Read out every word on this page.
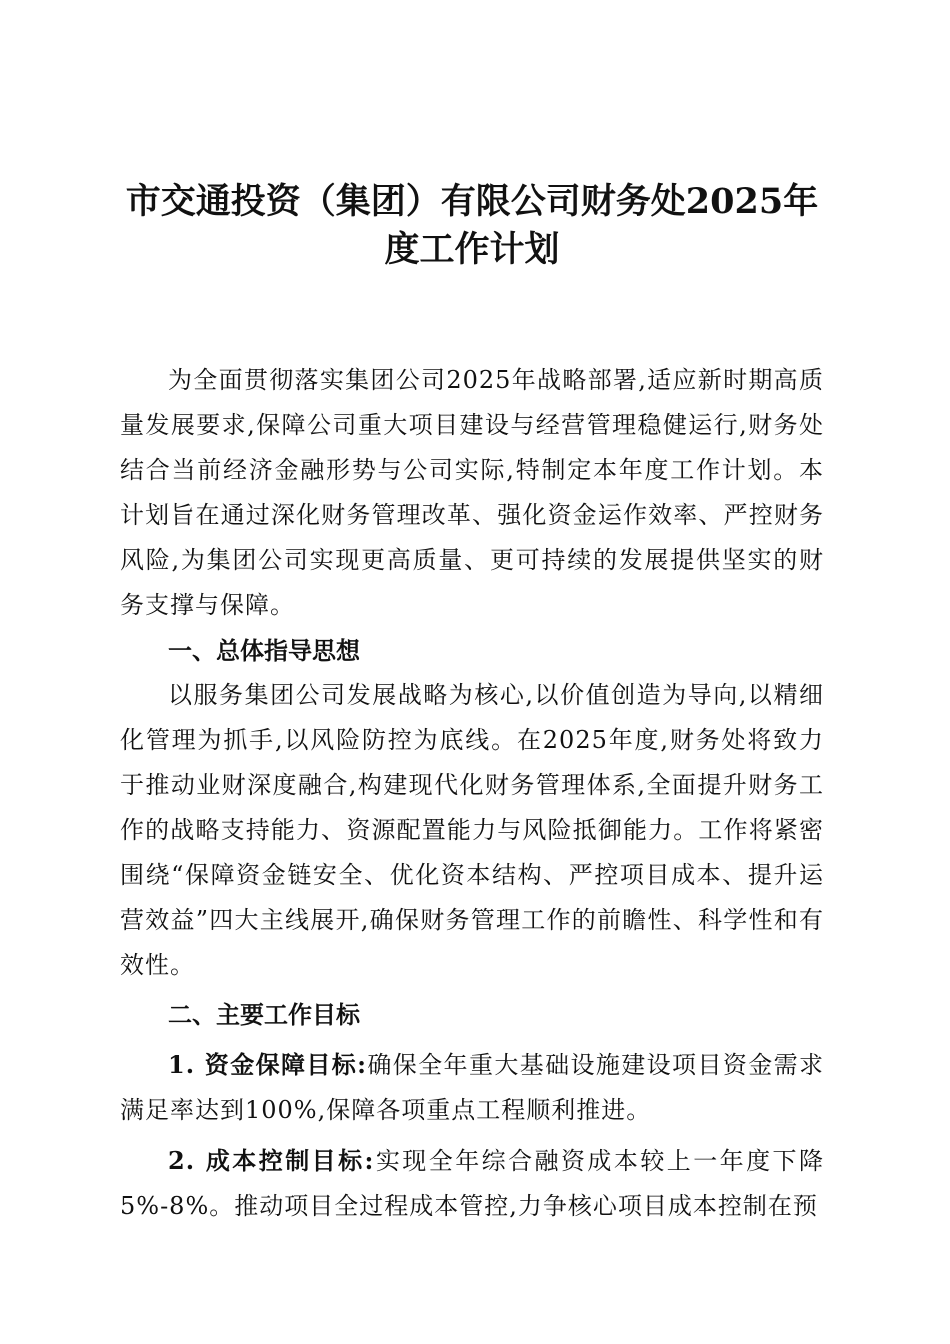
市交通投资（集团）有限公司财务处2025年
度工作计划

为全面贯彻落实集团公司2025年战略部署,适应新时期高质量发展要求,保障公司重大项目建设与经营管理稳健运行,财务处结合当前经济金融形势与公司实际,特制定本年度工作计划。本计划旨在通过深化财务管理改革、强化资金运作效率、严控财务风险,为集团公司实现更高质量、更可持续的发展提供坚实的财务支撑与保障。

一、总体指导思想

以服务集团公司发展战略为核心,以价值创造为导向,以精细化管理为抓手,以风险防控为底线。在2025年度,财务处将致力于推动业财深度融合,构建现代化财务管理体系,全面提升财务工作的战略支持能力、资源配置能力与风险抵御能力。工作将紧密围绕“保障资金链安全、优化资本结构、严控项目成本、提升运营效益”四大主线展开,确保财务管理工作的前瞻性、科学性和有效性。

二、主要工作目标

1. 资金保障目标:确保全年重大基础设施建设项目资金需求满足率达到100%,保障各项重点工程顺利推进。

2. 成本控制目标:实现全年综合融资成本较上一年度下降5%-8%。推动项目全过程成本管控,力争核心项目成本控制在预
